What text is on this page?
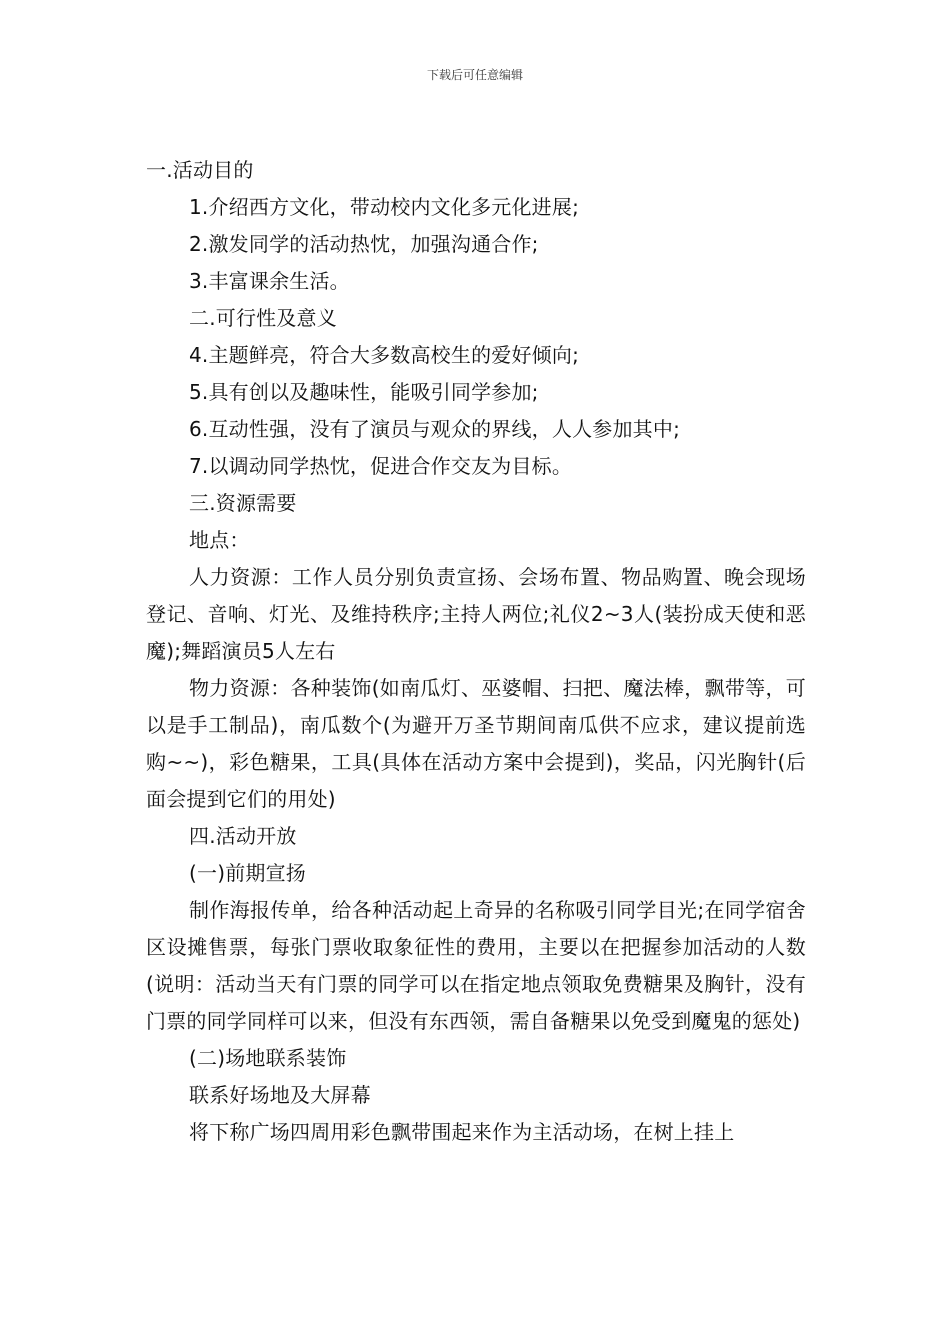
下载后可任意编辑

一.活动目的

1.介绍西方文化，带动校内文化多元化进展;

2.激发同学的活动热忱，加强沟通合作;

3.丰富课余生活。

二.可行性及意义

4.主题鲜亮，符合大多数高校生的爱好倾向;

5.具有创以及趣味性，能吸引同学参加;

6.互动性强，没有了演员与观众的界线，人人参加其中;

7.以调动同学热忱，促进合作交友为目标。

三.资源需要

地点：

人力资源：工作人员分别负责宣扬、会场布置、物品购置、晚会现场登记、音响、灯光、及维持秩序;主持人两位;礼仪2~3人(装扮成天使和恶魔);舞蹈演员5人左右

物力资源：各种装饰(如南瓜灯、巫婆帽、扫把、魔法棒，飘带等，可以是手工制品)，南瓜数个(为避开万圣节期间南瓜供不应求，建议提前选购~~)，彩色糖果，工具(具体在活动方案中会提到)，奖品，闪光胸针(后面会提到它们的用处)

四.活动开放

(一)前期宣扬

制作海报传单，给各种活动起上奇异的名称吸引同学目光;在同学宿舍区设摊售票，每张门票收取象征性的费用，主要以在把握参加活动的人数(说明：活动当天有门票的同学可以在指定地点领取免费糖果及胸针，没有门票的同学同样可以来，但没有东西领，需自备糖果以免受到魔鬼的惩处)

(二)场地联系装饰

联系好场地及大屏幕

将下称广场四周用彩色飘带围起来作为主活动场，在树上挂上
